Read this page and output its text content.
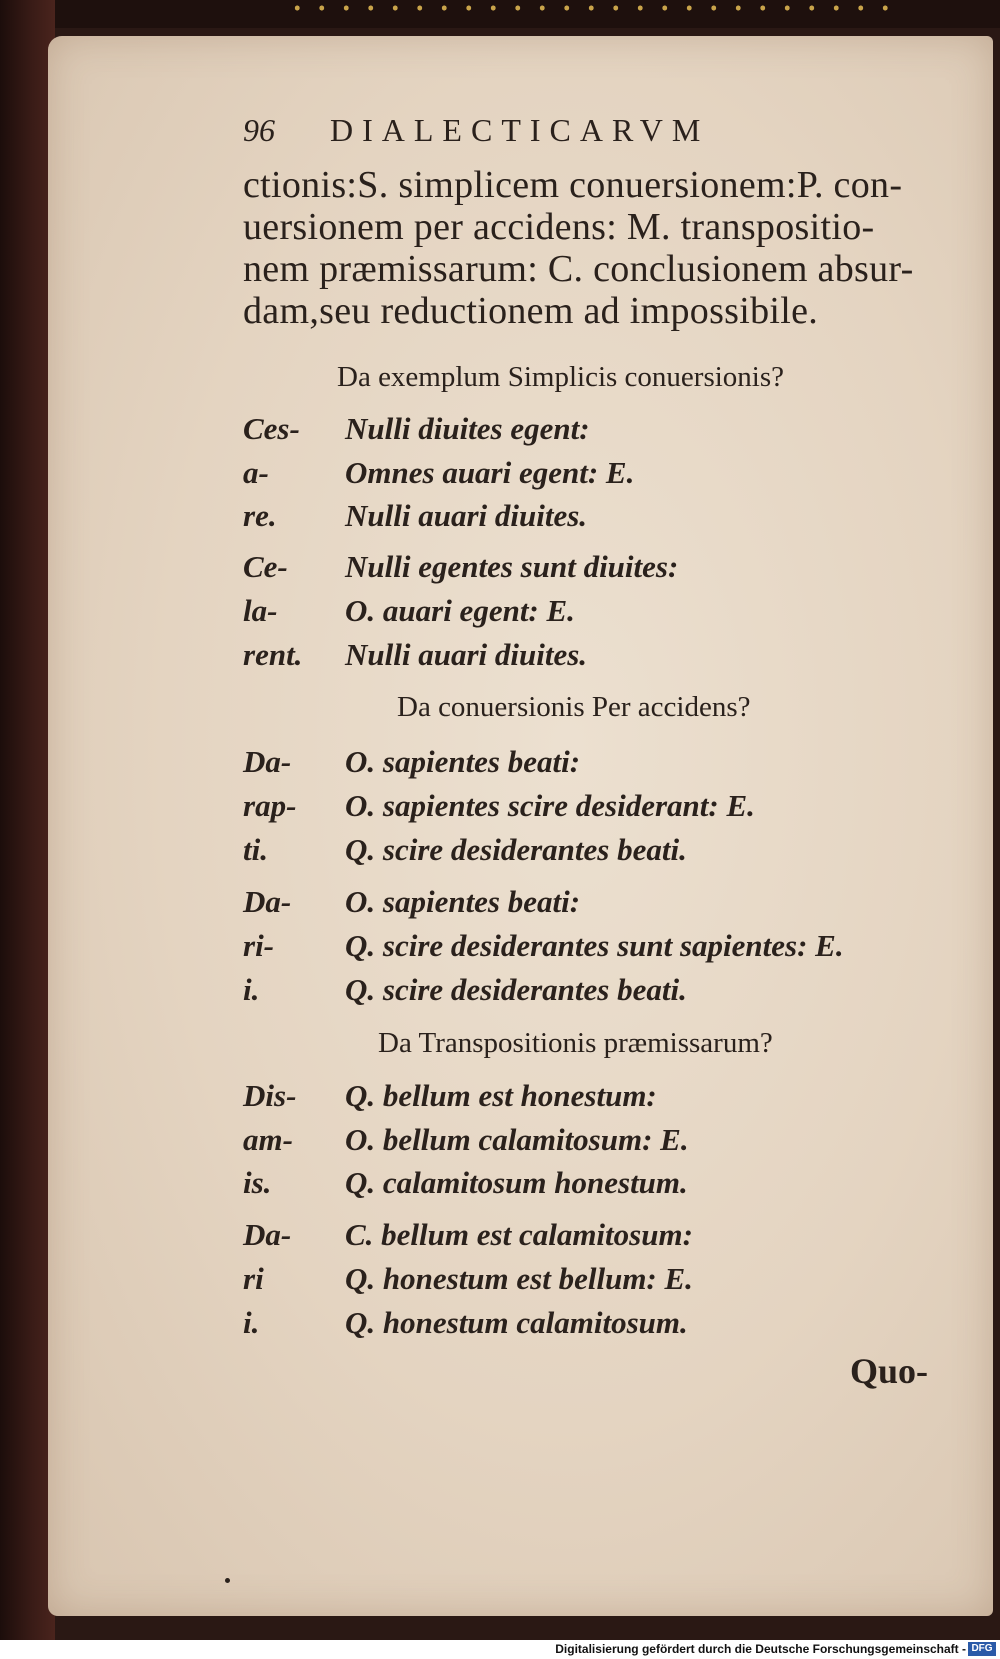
96 DIALECTICARVM
ctionis:S. simplicem conuersionem:P. con-
uersionem per accidens: M. transpositio-
nem præmissarum: C. conclusionem absur-
dam,seu reductionem ad impossibile.
Da exemplum Simplicis conuersionis?
Ces- Nulli diuites egent:
a- Omnes auari egent: E.
re. Nulli auari diuites.
Ce- Nulli egentes sunt diuites:
la- O. auari egent: E.
rent. Nulli auari diuites.
Da conuersionis Per accidens?
Da- O. sapientes beati:
rap- O. sapientes scire desiderant: E.
ti. Q. scire desiderantes beati.
Da- O. sapientes beati:
ri- Q. scire desiderantes sunt sapientes: E.
i.	Q. scire desiderantes beati.
Da Transpositionis præmissarum?
Dis- Q. bellum est honestum:
am- O. bellum calamitosum: E.
is. Q. calamitosum honestum.
Da- C. bellum est calamitosum:
ri	Q. honestum est bellum: E.
i.	Q. honestum calamitosum.
Quo-
Digitalisierung gefördert durch die Deutsche Forschungsgemeinschaft - DFG
